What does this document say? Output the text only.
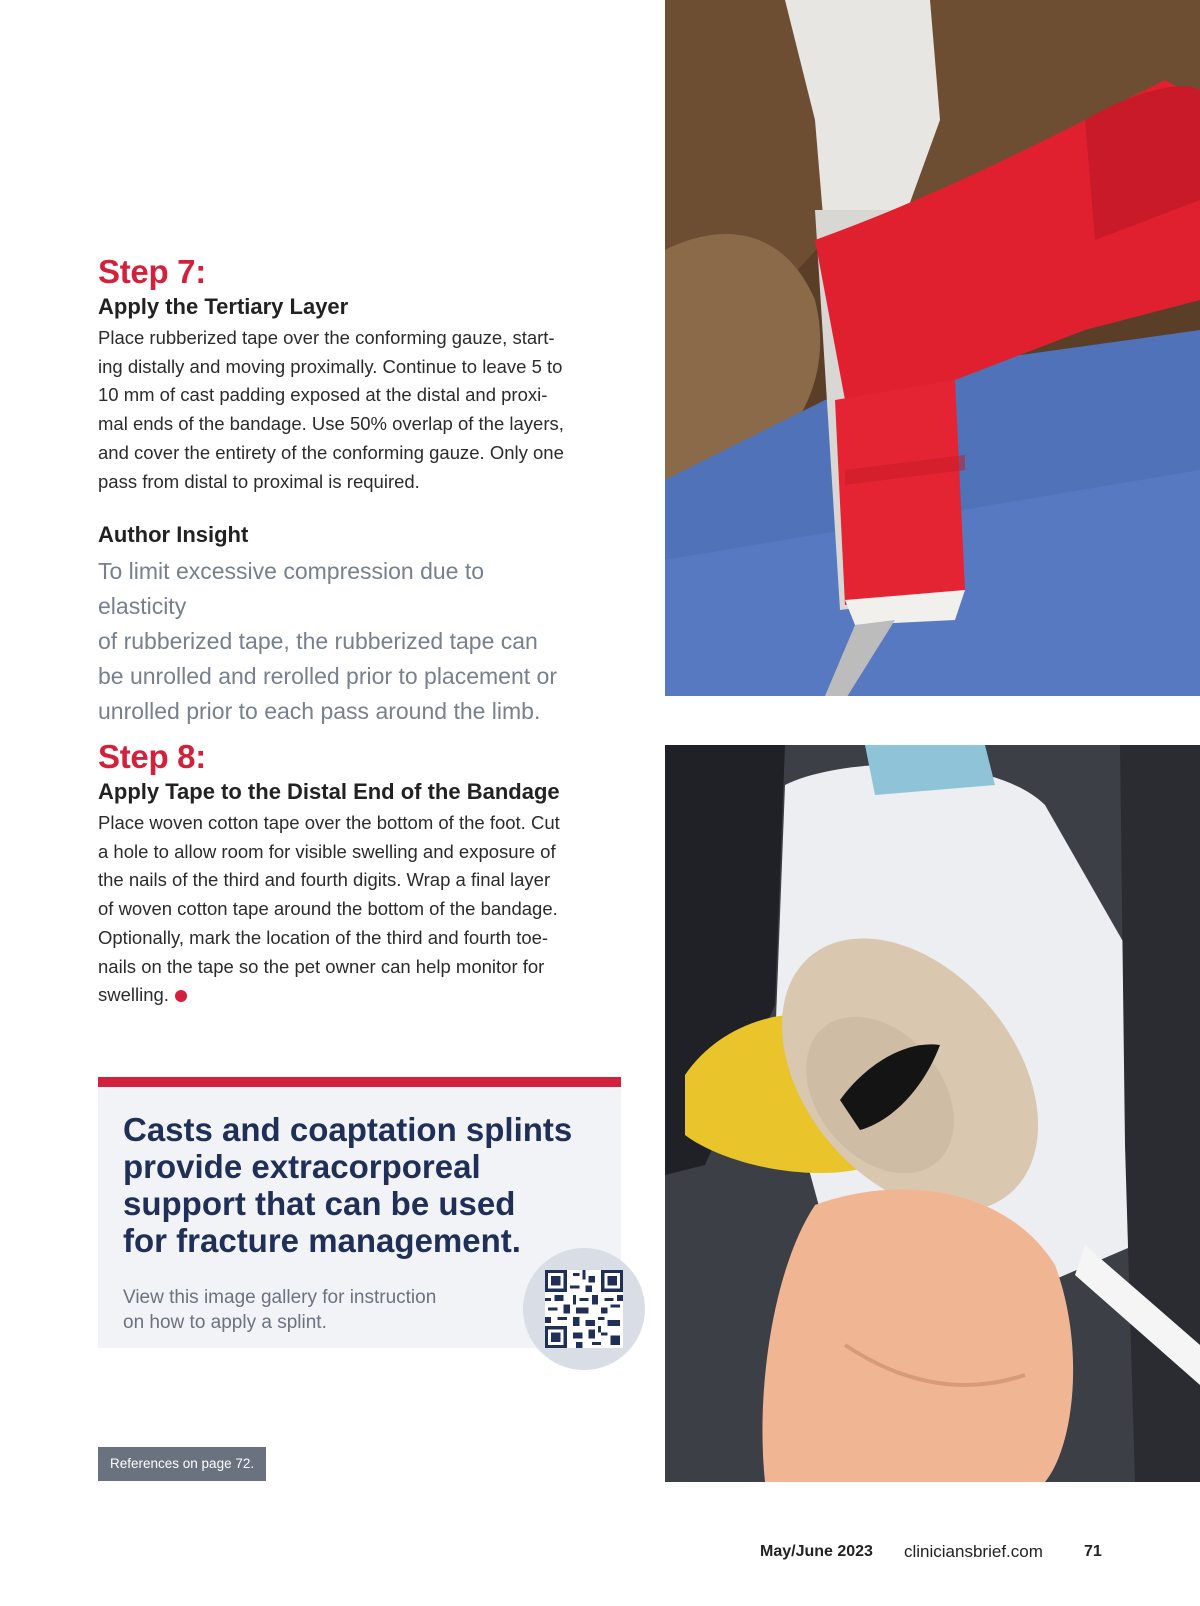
Step 7:
Apply the Tertiary Layer

Place rubberized tape over the conforming gauze, start-
ing distally and moving proximally. Continue to leave 5 to
10 mm of cast padding exposed at the distal and proxi-
mal ends of the bandage. Use 50% overlap of the layers,
and cover the entirety of the conforming gauze. Only one
pass from distal to proximal is required.

Author Insight

To limit excessive compression due to elasticity
of rubberized tape, the rubberized tape can
be unrolled and rerolled prior to placement or
unrolled prior to each pass around the limb.

Step 8:
Apply Tape to the Distal End of the Bandage

Place woven cotton tape over the bottom of the foot. Cut
a hole to allow room for visible swelling and exposure of
the nails of the third and fourth digits. Wrap a final layer
of woven cotton tape around the bottom of the bandage.
Optionally, mark the location of the third and fourth toe-
nails on the tape so the pet owner can help monitor for
swelling.

Casts and coaptation splints
provide extracorporeal
support that can be used
for fracture management.

View this image gallery for instruction
on how to apply a splint.

References on page 72.
May/June 2023 cliniciansbrief.com	71
